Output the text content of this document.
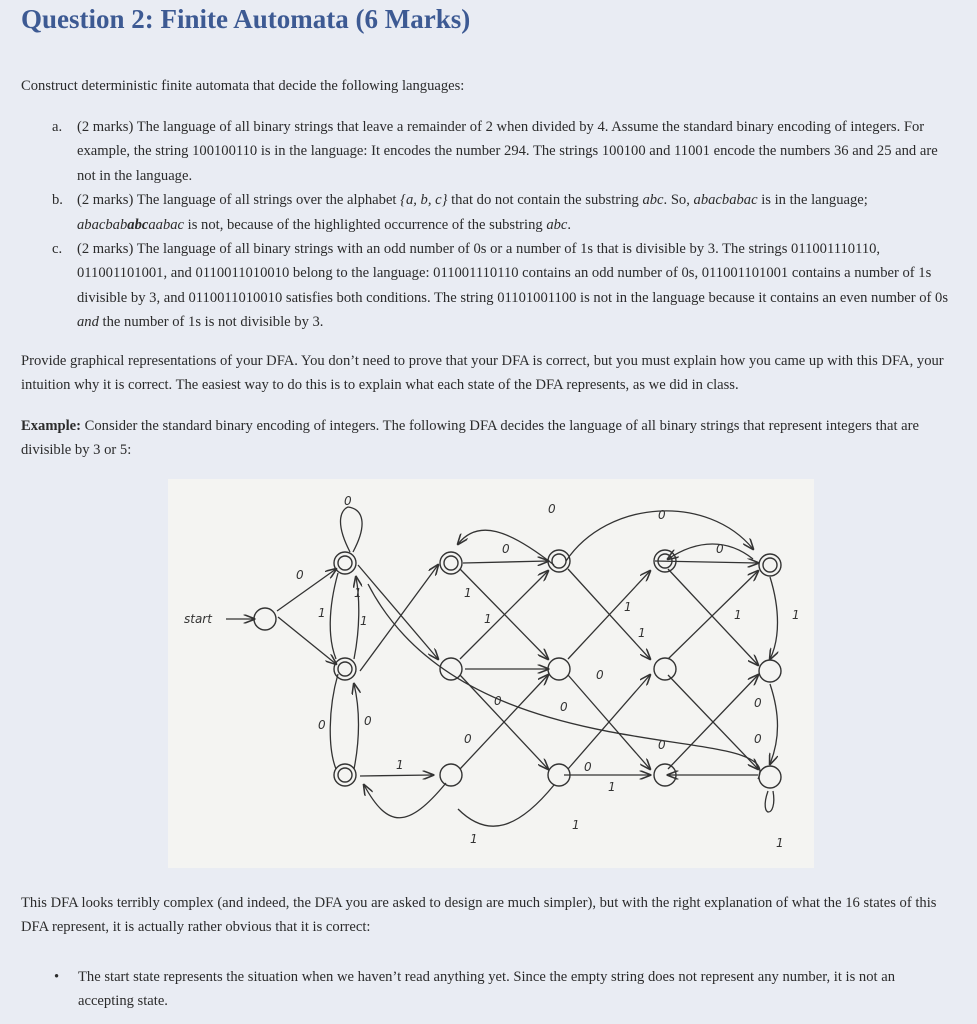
Question 2: Finite Automata (6 Marks)

Construct deterministic finite automata that decide the following languages:

a. (2 marks) The language of all binary strings that leave a remainder of 2 when divided by 4. Assume the standard binary encoding of integers. For example, the string 100100110 is in the language: It encodes the number 294. The strings 100100 and 11001 encode the numbers 36 and 25 and are not in the language.
b. (2 marks) The language of all strings over the alphabet {a, b, c} that do not contain the substring abc. So, abacbabac is in the language; abacbababcaabac is not, because of the highlighted occurrence of the substring abc.
c. (2 marks) The language of all binary strings with an odd number of 0s or a number of 1s that is divisible by 3. The strings 011001110110, 011001101001, and 0110011010010 belong to the language: 011001110110 contains an odd number of 0s, 011001101001 contains a number of 1s divisible by 3, and 0110011010010 satisfies both conditions. The string 01101001100 is not in the language because it contains an even number of 0s and the number of 1s is not divisible by 3.

Provide graphical representations of your DFA. You don’t need to prove that your DFA is correct, but you must explain how you came up with this DFA, your intuition why it is correct. The easiest way to do this is to explain what each state of the DFA represents, as we did in class.

Example: Consider the standard binary encoding of integers. The following DFA decides the language of all binary strings that represent integers that are divisible by 3 or 5:

start
0
0
1
1
1
0	0
1
0
0	0
0
1
1
1
1
1	1
0	0
0
0	0
0
0
0
1
1
1
1

This DFA looks terribly complex (and indeed, the DFA you are asked to design are much simpler), but with the right explanation of what the 16 states of this DFA represent, it is actually rather obvious that it is correct:

• The start state represents the situation when we haven’t read anything yet. Since the empty string does not represent any number, it is not an accepting state.
